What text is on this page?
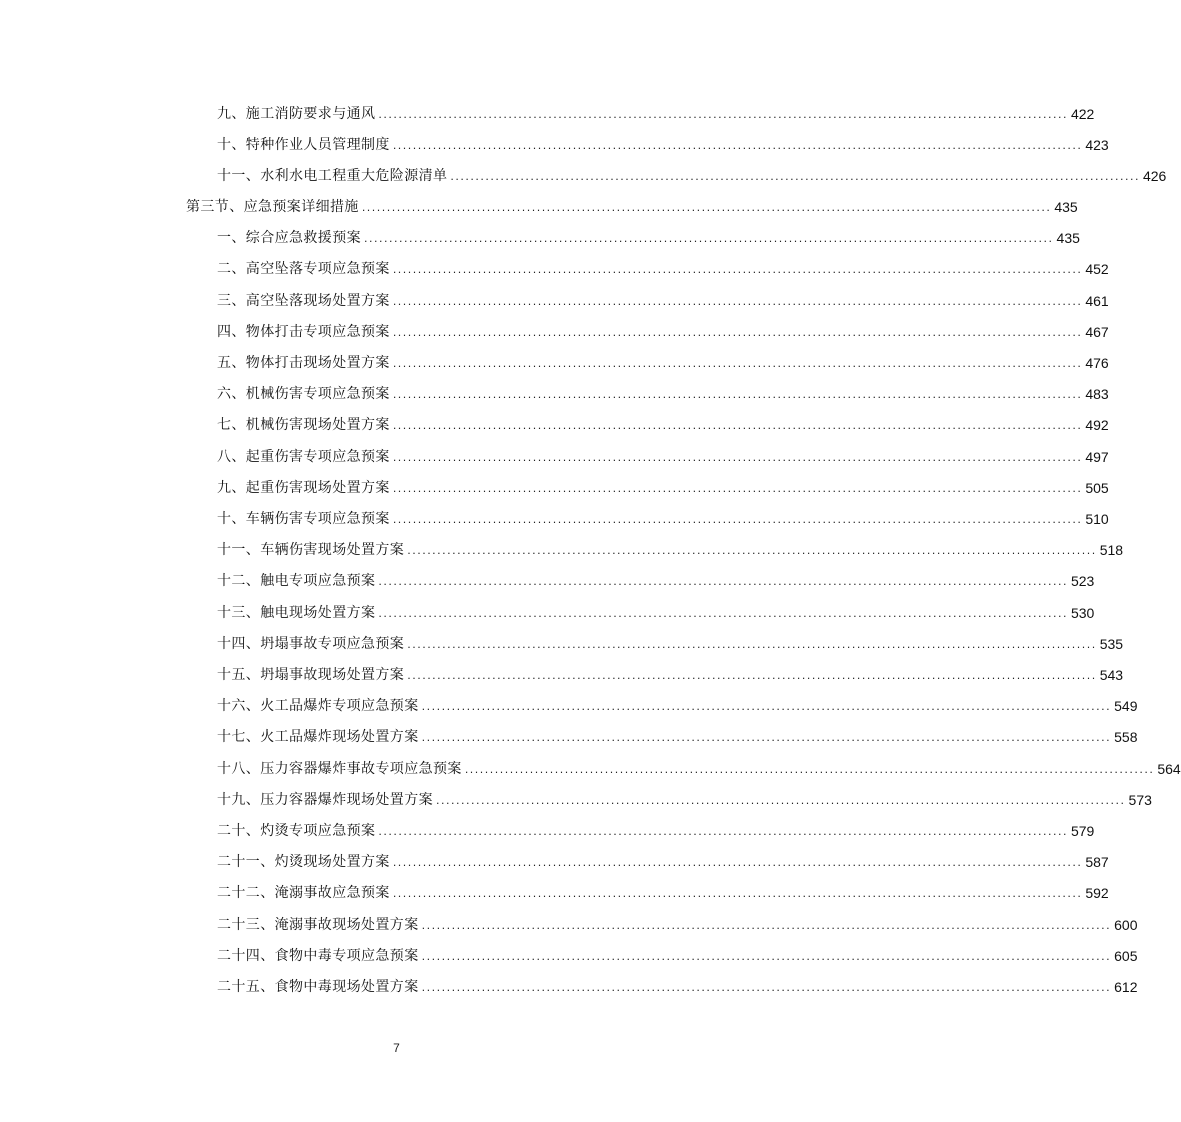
九、施工消防要求与通风 .......................................................................................................................................... 422
十、特种作业人员管理制度 .......................................................................................................................................... 423
十一、水利水电工程重大危险源清单 .......................................................................................................................................... 426
第三节、应急预案详细措施 .......................................................................................................................................... 435
一、综合应急救援预案 .......................................................................................................................................... 435
二、高空坠落专项应急预案 .......................................................................................................................................... 452
三、高空坠落现场处置方案 .......................................................................................................................................... 461
四、物体打击专项应急预案 .......................................................................................................................................... 467
五、物体打击现场处置方案 .......................................................................................................................................... 476
六、机械伤害专项应急预案 .......................................................................................................................................... 483
七、机械伤害现场处置方案 .......................................................................................................................................... 492
八、起重伤害专项应急预案 .......................................................................................................................................... 497
九、起重伤害现场处置方案 .......................................................................................................................................... 505
十、车辆伤害专项应急预案 .......................................................................................................................................... 510
十一、车辆伤害现场处置方案 .......................................................................................................................................... 518
十二、触电专项应急预案 .......................................................................................................................................... 523
十三、触电现场处置方案 .......................................................................................................................................... 530
十四、坍塌事故专项应急预案 .......................................................................................................................................... 535
十五、坍塌事故现场处置方案 .......................................................................................................................................... 543
十六、火工品爆炸专项应急预案 .......................................................................................................................................... 549
十七、火工品爆炸现场处置方案 .......................................................................................................................................... 558
十八、压力容器爆炸事故专项应急预案 .......................................................................................................................................... 564
十九、压力容器爆炸现场处置方案 .......................................................................................................................................... 573
二十、灼烫专项应急预案 .......................................................................................................................................... 579
二十一、灼烫现场处置方案 .......................................................................................................................................... 587
二十二、淹溺事故应急预案 .......................................................................................................................................... 592
二十三、淹溺事故现场处置方案 .......................................................................................................................................... 600
二十四、食物中毒专项应急预案 .......................................................................................................................................... 605
二十五、食物中毒现场处置方案 .......................................................................................................................................... 612
7
